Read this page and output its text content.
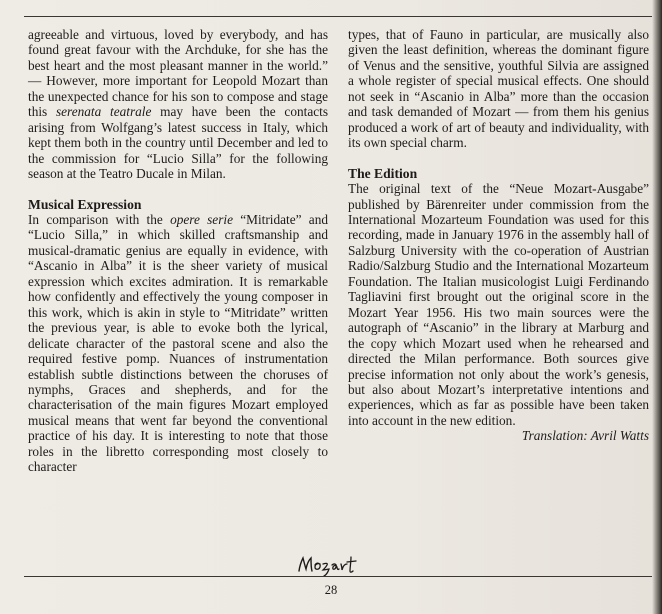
agreeable and virtuous, loved by everybody, and has found great favour with the Archduke, for she has the best heart and the most pleasant manner in the world.” — However, more important for Leopold Mozart than the unexpected chance for his son to compose and stage this serenata teatrale may have been the contacts arising from Wolfgang’s latest success in Italy, which kept them both in the country until December and led to the commission for “Lucio Silla” for the following season at the Teatro Ducale in Milan.

Musical Expression

In comparison with the opere serie “Mitridate” and “Lucio Silla,” in which skilled craftsmanship and musical-dramatic genius are equally in evidence, with “Ascanio in Alba” it is the sheer variety of musical expression which excites admiration. It is remarkable how confidently and effectively the young composer in this work, which is akin in style to “Mitridate” written the previous year, is able to evoke both the lyrical, delicate character of the pastoral scene and also the required festive pomp. Nuances of instrumentation establish subtle distinctions between the choruses of nymphs, Graces and shepherds, and for the characterisation of the main figures Mozart employed musical means that went far beyond the conventional practice of his day. It is interesting to note that those roles in the libretto corresponding most closely to character

types, that of Fauno in particular, are musically also given the least definition, whereas the dominant figure of Venus and the sensitive, youthful Silvia are assigned a whole register of special musical effects. One should not seek in “Ascanio in Alba” more than the occasion and task demanded of Mozart — from them his genius produced a work of art of beauty and individuality, with its own special charm.

The Edition

The original text of the “Neue Mozart-Ausgabe” published by Bärenreiter under commission from the International Mozarteum Foundation was used for this recording, made in January 1976 in the assembly hall of Salzburg University with the co-operation of Austrian Radio/Salzburg Studio and the International Mozarteum Foundation. The Italian musicologist Luigi Ferdinando Tagliavini first brought out the original score in the Mozart Year 1956. His two main sources were the autograph of “Ascanio” in the library at Marburg and the copy which Mozart used when he rehearsed and directed the Milan performance. Both sources give precise information not only about the work’s genesis, but also about Mozart’s interpretative intentions and experiences, which as far as possible have been taken into account in the new edition.

Translation: Avril Watts

28
